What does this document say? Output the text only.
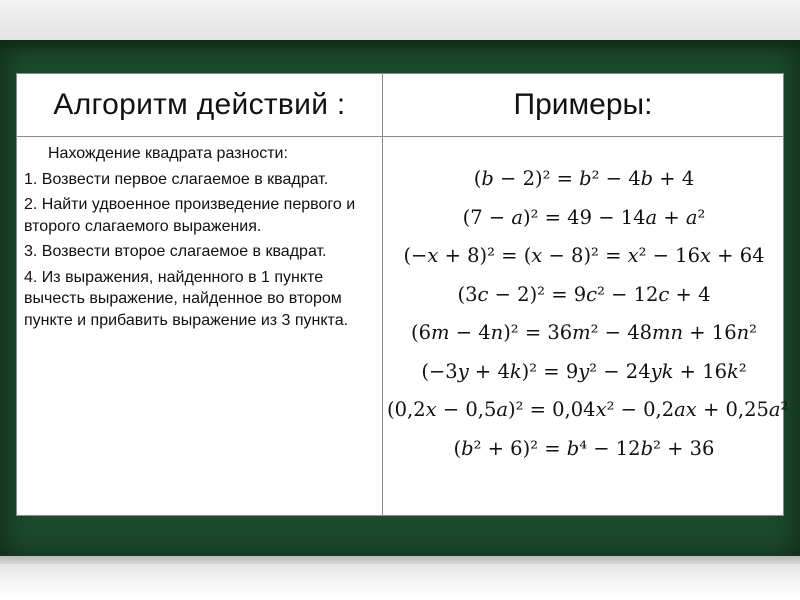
Алгоритм действий :	Примеры:
Нахождение квадрата разности:
1. Возвести первое слагаемое в квадрат.
2. Найти удвоенное произведение первого и второго слагаемого выражения.
3. Возвести второе слагаемое в квадрат.
4. Из выражения, найденного в 1 пункте вычесть выражение, найденное во втором пункте и прибавить выражение из 3 пункта.
(𝑏 − 2)² = 𝑏² − 4𝑏 + 4
(7 − 𝑎)² = 49 − 14𝑎 + 𝑎²
(−𝑥 + 8)² = (𝑥 − 8)² = 𝑥² − 16𝑥 + 64
(3𝑐 − 2)² = 9𝑐² − 12𝑐 + 4
(6𝑚 − 4𝑛)² = 36𝑚² − 48𝑚𝑛 + 16𝑛²
(−3𝑦 + 4𝑘)² = 9𝑦² − 24𝑦𝑘 + 16𝑘²
(0,2𝑥 − 0,5𝑎)² = 0,04𝑥² − 0,2𝑎𝑥 + 0,25𝑎²
(𝑏² + 6)² = 𝑏⁴ − 12𝑏² + 36
